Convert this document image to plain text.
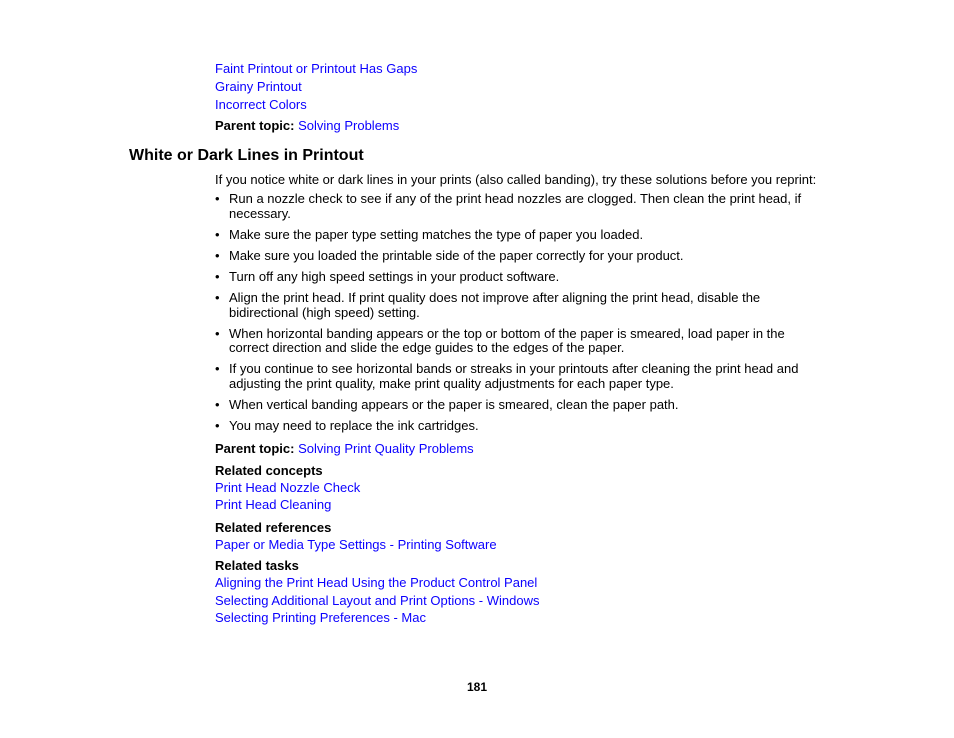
Faint Printout or Printout Has Gaps
Grainy Printout
Incorrect Colors
Parent topic: Solving Problems
White or Dark Lines in Printout
If you notice white or dark lines in your prints (also called banding), try these solutions before you reprint:
• Run a nozzle check to see if any of the print head nozzles are clogged. Then clean the print head, if necessary.
• Make sure the paper type setting matches the type of paper you loaded.
• Make sure you loaded the printable side of the paper correctly for your product.
• Turn off any high speed settings in your product software.
• Align the print head. If print quality does not improve after aligning the print head, disable the bidirectional (high speed) setting.
• When horizontal banding appears or the top or bottom of the paper is smeared, load paper in the correct direction and slide the edge guides to the edges of the paper.
• If you continue to see horizontal bands or streaks in your printouts after cleaning the print head and adjusting the print quality, make print quality adjustments for each paper type.
• When vertical banding appears or the paper is smeared, clean the paper path.
• You may need to replace the ink cartridges.
Parent topic: Solving Print Quality Problems
Related concepts
Print Head Nozzle Check
Print Head Cleaning
Related references
Paper or Media Type Settings - Printing Software
Related tasks
Aligning the Print Head Using the Product Control Panel
Selecting Additional Layout and Print Options - Windows
Selecting Printing Preferences - Mac
181
